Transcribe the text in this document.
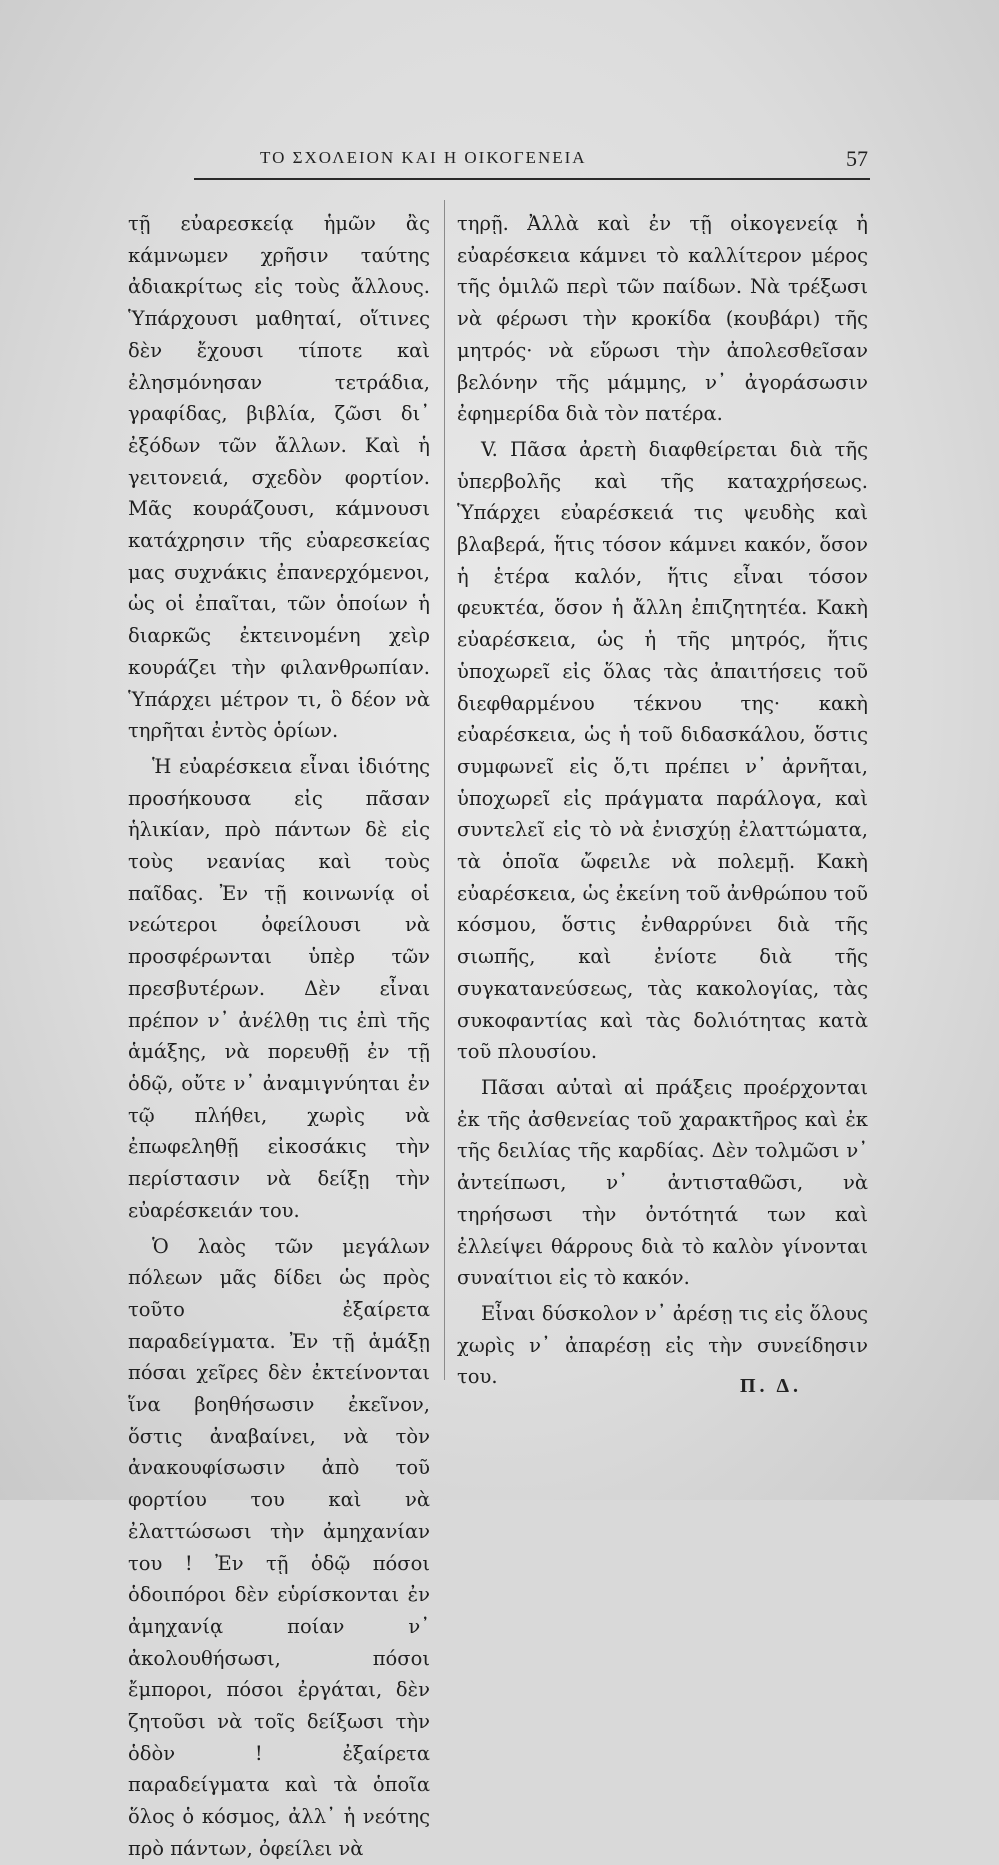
ΤΟ ΣΧΟΛΕΙΟΝ ΚΑΙ Η ΟΙΚΟΓΕΝΕΙΑ	57

τῇ εὐαρεσκείᾳ ἡμῶν ἂς κάμνωμεν χρῆσιν ταύτης ἀδιακρίτως εἰς τοὺς ἄλλους. Ὑπάρχουσι μαθηταί, οἵτινες δὲν ἔχουσι τίποτε καὶ ἐλησμόνησαν τετράδια, γραφίδας, βιβλία, ζῶσι δι᾽ ἐξόδων τῶν ἄλλων. Καὶ ἡ γειτονειά, σχεδὸν φορτίον. Μᾶς κουράζουσι, κάμνουσι κατάχρησιν τῆς εὐαρεσκείας μας συχνάκις ἐπανερχόμενοι, ὡς οἱ ἐπαῖται, τῶν ὁποίων ἡ διαρκῶς ἐκτεινομένη χεὶρ κουράζει τὴν φιλανθρωπίαν. Ὑπάρχει μέτρον τι, ὃ δέον νὰ τηρῆται ἐντὸς ὁρίων.

Ἡ εὐαρέσκεια εἶναι ἰδιότης προσήκουσα εἰς πᾶσαν ἡλικίαν, πρὸ πάντων δὲ εἰς τοὺς νεανίας καὶ τοὺς παῖδας. Ἐν τῇ κοινωνίᾳ οἱ νεώτεροι ὀφείλουσι νὰ προσφέρωνται ὑπὲρ τῶν πρεσβυτέρων. Δὲν εἶναι πρέπον ν᾽ ἀνέλθῃ τις ἐπὶ τῆς ἁμάξης, νὰ πορευθῇ ἐν τῇ ὁδῷ, οὔτε ν᾽ ἀναμιγνύηται ἐν τῷ πλήθει, χωρὶς νὰ ἐπωφεληθῇ εἰκοσάκις τὴν περίστασιν νὰ δείξῃ τὴν εὐαρέσκειάν του.

Ὁ λαὸς τῶν μεγάλων πόλεων μᾶς δίδει ὡς πρὸς τοῦτο ἐξαίρετα παραδείγματα. Ἐν τῇ ἁμάξῃ πόσαι χεῖρες δὲν ἐκτείνονται ἵνα βοηθήσωσιν ἐκεῖνον, ὅστις ἀναβαίνει, νὰ τὸν ἀνακουφίσωσιν ἀπὸ τοῦ φορτίου του καὶ νὰ ἐλαττώσωσι τὴν ἀμηχανίαν του ! Ἐν τῇ ὁδῷ πόσοι ὁδοιπόροι δὲν εὑρίσκονται ἐν ἀμηχανίᾳ ποίαν ν᾽ ἀκολουθήσωσι, πόσοι ἔμποροι, πόσοι ἐργάται, δὲν ζητοῦσι νὰ τοῖς δείξωσι τὴν ὁδὸν ! ἐξαίρετα παραδείγματα καὶ τὰ ὁποῖα ὅλος ὁ κόσμος, ἀλλ᾽ ἡ νεότης πρὸ πάντων, ὀφείλει νὰ

τηρῇ. Ἀλλὰ καὶ ἐν τῇ οἰκογενείᾳ ἡ εὐαρέσκεια κάμνει τὸ καλλίτερον μέρος τῆς ὁμιλῶ περὶ τῶν παίδων. Νὰ τρέξωσι νὰ φέρωσι τὴν κροκίδα (κουβάρι) τῆς μητρός· νὰ εὕρωσι τὴν ἀπολεσθεῖσαν βελόνην τῆς μάμμης, ν᾽ ἀγοράσωσιν ἐφημερίδα διὰ τὸν πατέρα.

V. Πᾶσα ἀρετὴ διαφθείρεται διὰ τῆς ὑπερβολῆς καὶ τῆς καταχρήσεως. Ὑπάρχει εὐαρέσκειά τις ψευδὴς καὶ βλαβερά, ἥτις τόσον κάμνει κακόν, ὅσον ἡ ἑτέρα καλόν, ἥτις εἶναι τόσον φευκτέα, ὅσον ἡ ἄλλη ἐπιζητητέα. Κακὴ εὐαρέσκεια, ὡς ἡ τῆς μητρός, ἥτις ὑποχωρεῖ εἰς ὅλας τὰς ἀπαιτήσεις τοῦ διεφθαρμένου τέκνου της· κακὴ εὐαρέσκεια, ὡς ἡ τοῦ διδασκάλου, ὅστις συμφωνεῖ εἰς ὅ,τι πρέπει ν᾽ ἀρνῆται, ὑποχωρεῖ εἰς πράγματα παράλογα, καὶ συντελεῖ εἰς τὸ νὰ ἐνισχύῃ ἐλαττώματα, τὰ ὁποῖα ὤφειλε νὰ πολεμῇ. Κακὴ εὐαρέσκεια, ὡς ἐκείνη τοῦ ἀνθρώπου τοῦ κόσμου, ὅστις ἐνθαρρύνει διὰ τῆς σιωπῆς, καὶ ἐνίοτε διὰ τῆς συγκατανεύσεως, τὰς κακολογίας, τὰς συκοφαντίας καὶ τὰς δολιότητας κατὰ τοῦ πλουσίου.

Πᾶσαι αὐταὶ αἱ πράξεις προέρχονται ἐκ τῆς ἀσθενείας τοῦ χαρακτῆρος καὶ ἐκ τῆς δειλίας τῆς καρδίας. Δὲν τολμῶσι ν᾽ ἀντείπωσι, ν᾽ ἀντισταθῶσι, νὰ τηρήσωσι τὴν ὀντότητά των καὶ ἐλλείψει θάρρους διὰ τὸ καλὸν γίνονται συναίτιοι εἰς τὸ κακόν.

Εἶναι δύσκολον ν᾽ ἀρέσῃ τις εἰς ὅλους χωρὶς ν᾽ ἀπαρέσῃ εἰς τὴν συνείδησιν του.	Π. Δ.
